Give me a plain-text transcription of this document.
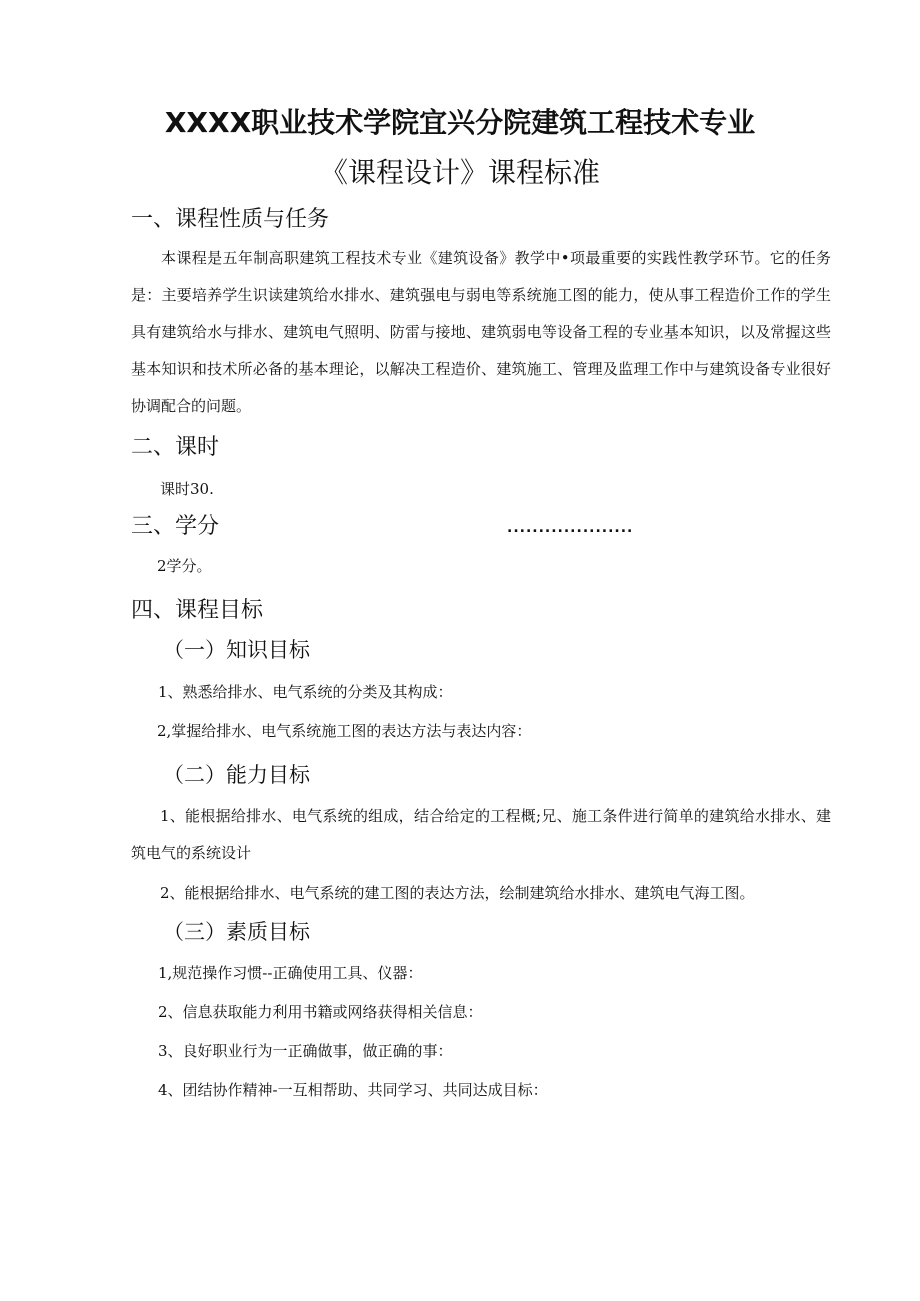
XXXX职业技术学院宜兴分院建筑工程技术专业
《课程设计》课程标准
一、课程性质与任务
本课程是五年制高职建筑工程技术专业《建筑设备》教学中•项最重要的实践性教学环节。它的任务是：主要培养学生识读建筑给水排水、建筑强电与弱电等系统施工图的能力，使从事工程造价工作的学生具有建筑给水与排水、建筑电气照明、防雷与接地、建筑弱电等设备工程的专业基本知识，以及常握这些基本知识和技术所必备的基本理论，以解决工程造价、建筑施工、管理及监理工作中与建筑设备专业很好协调配合的问题。
二、课时
课时30.
三、学分	....................
2学分。
四、课程目标
（一）知识目标
1、熟悉给排水、电气系统的分类及其构成：
2,掌握给排水、电气系统施工图的表达方法与表达内容：
（二）能力目标
1、能根据给排水、电气系统的组成，结合给定的工程概;兄、施工条件进行简单的建筑给水排水、建筑电气的系统设计
2、能根据给排水、电气系统的建工图的表达方法，绘制建筑给水排水、建筑电气海工图。
（三）素质目标
1,规范操作习惯--正确使用工具、仪器：
2、信息获取能力利用书籍或网络获得相关信息：
3、良好职业行为一正确做事，做正确的事：
4、团结协作精神-一互相帮助、共同学习、共同达成目标：
